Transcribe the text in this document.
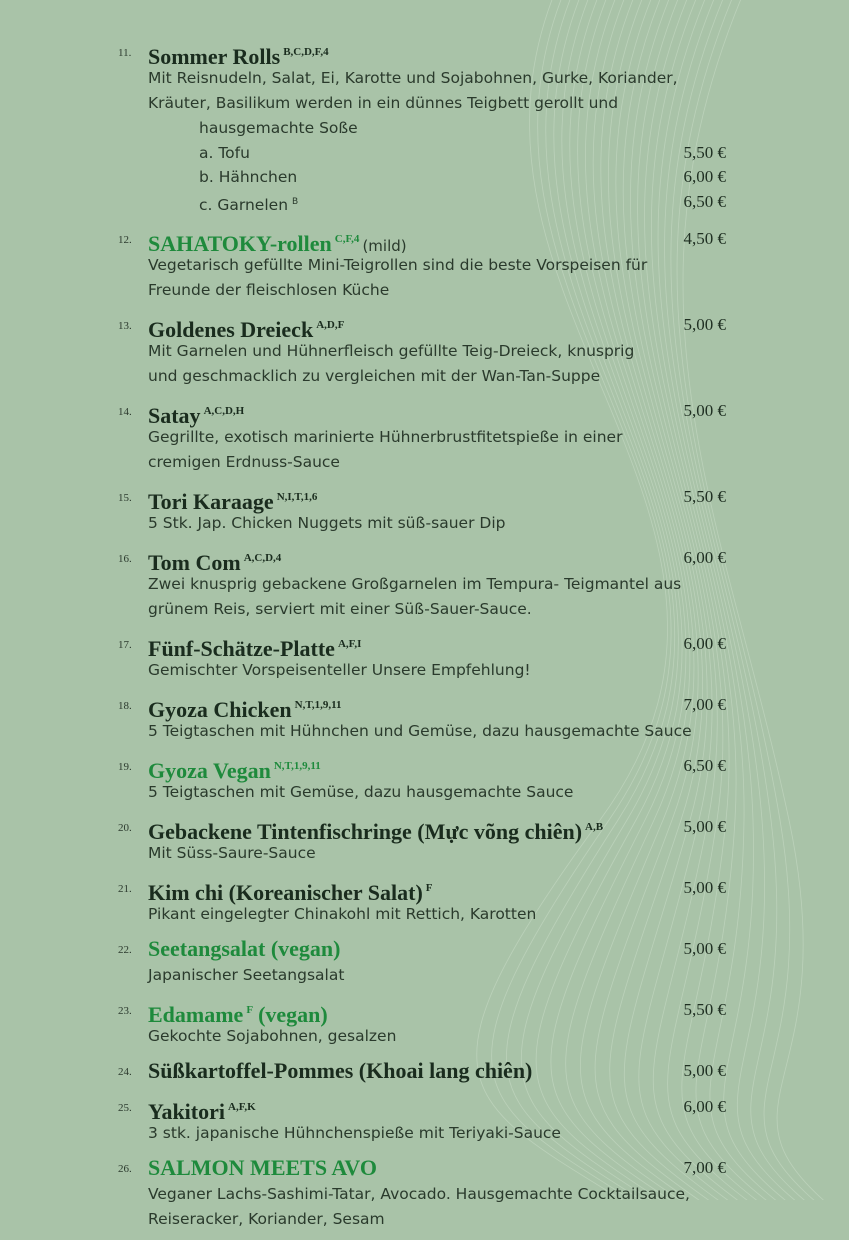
11. Sommer Rolls $^{B,C,D,F,4}$
Mit Reisnudeln, Salat, Ei, Karotte und Sojabohnen, Gurke, Koriander,
Kräuter, Basilikum werden in ein dünnes Teigbett gerollt und
hausgemachte Soße
a. Tofu	5,50 €
b. Hähnchen	6,00 €
c. Garnelen $^B$	6,50 €
12. SAHATOKY-rollen $^{C,F,4}$ (mild)	4,50 €
Vegetarisch gefüllte Mini-Teigrollen sind die beste Vorspeisen für
Freunde der fleischlosen Küche
13. Goldenes Dreieck $^{A,D,F}$	5,00 €
Mit Garnelen und Hühnerfleisch gefüllte Teig-Dreieck, knusprig
und geschmacklich zu vergleichen mit der Wan-Tan-Suppe
14. Satay $^{A,C,D,H}$	5,00 €
Gegrillte, exotisch marinierte Hühnerbrustfitetspieße in einer
cremigen Erdnuss-Sauce
15. Tori Karaage $^{N,I,T,1,6}$	5,50 €
5 Stk. Jap. Chicken Nuggets mit süß-sauer Dip
16. Tom Com $^{A,C,D,4}$	6,00 €
Zwei knusprig gebackene Großgarnelen im Tempura- Teigmantel aus
grünem Reis, serviert mit einer Süß-Sauer-Sauce.
17. Fünf-Schätze-Platte $^{A,F,I}$	6,00 €
Gemischter Vorspeisenteller Unsere Empfehlung!
18. Gyoza Chicken $^{N,T,1,9,11}$	7,00 €
5 Teigtaschen mit Hühnchen und Gemüse, dazu hausgemachte Sauce
19. Gyoza Vegan $^{N,T,1,9,11}$	6,50 €
5 Teigtaschen mit Gemüse, dazu hausgemachte Sauce
20. Gebackene Tintenfischringe (Mực võng chiên) $^{A,B}$	5,00 €
Mit Süss-Saure-Sauce
21. Kim chi (Koreanischer Salat) $^F$	5,00 €
Pikant eingelegter Chinakohl mit Rettich, Karotten
22. Seetangsalat (vegan)	5,00 €
Japanischer Seetangsalat
23. Edamame $^F$ (vegan)	5,50 €
Gekochte Sojabohnen, gesalzen
24. Süßkartoffel-Pommes (Khoai lang chiên)	5,00 €
25. Yakitori $^{A,F,K}$	6,00 €
3 stk. japanische Hühnchenspieße mit Teriyaki-Sauce
26. SALMON MEETS AVO	7,00 €
Veganer Lachs-Sashimi-Tatar, Avocado. Hausgemachte Cocktailsauce,
Reiseracker, Koriander, Sesam
